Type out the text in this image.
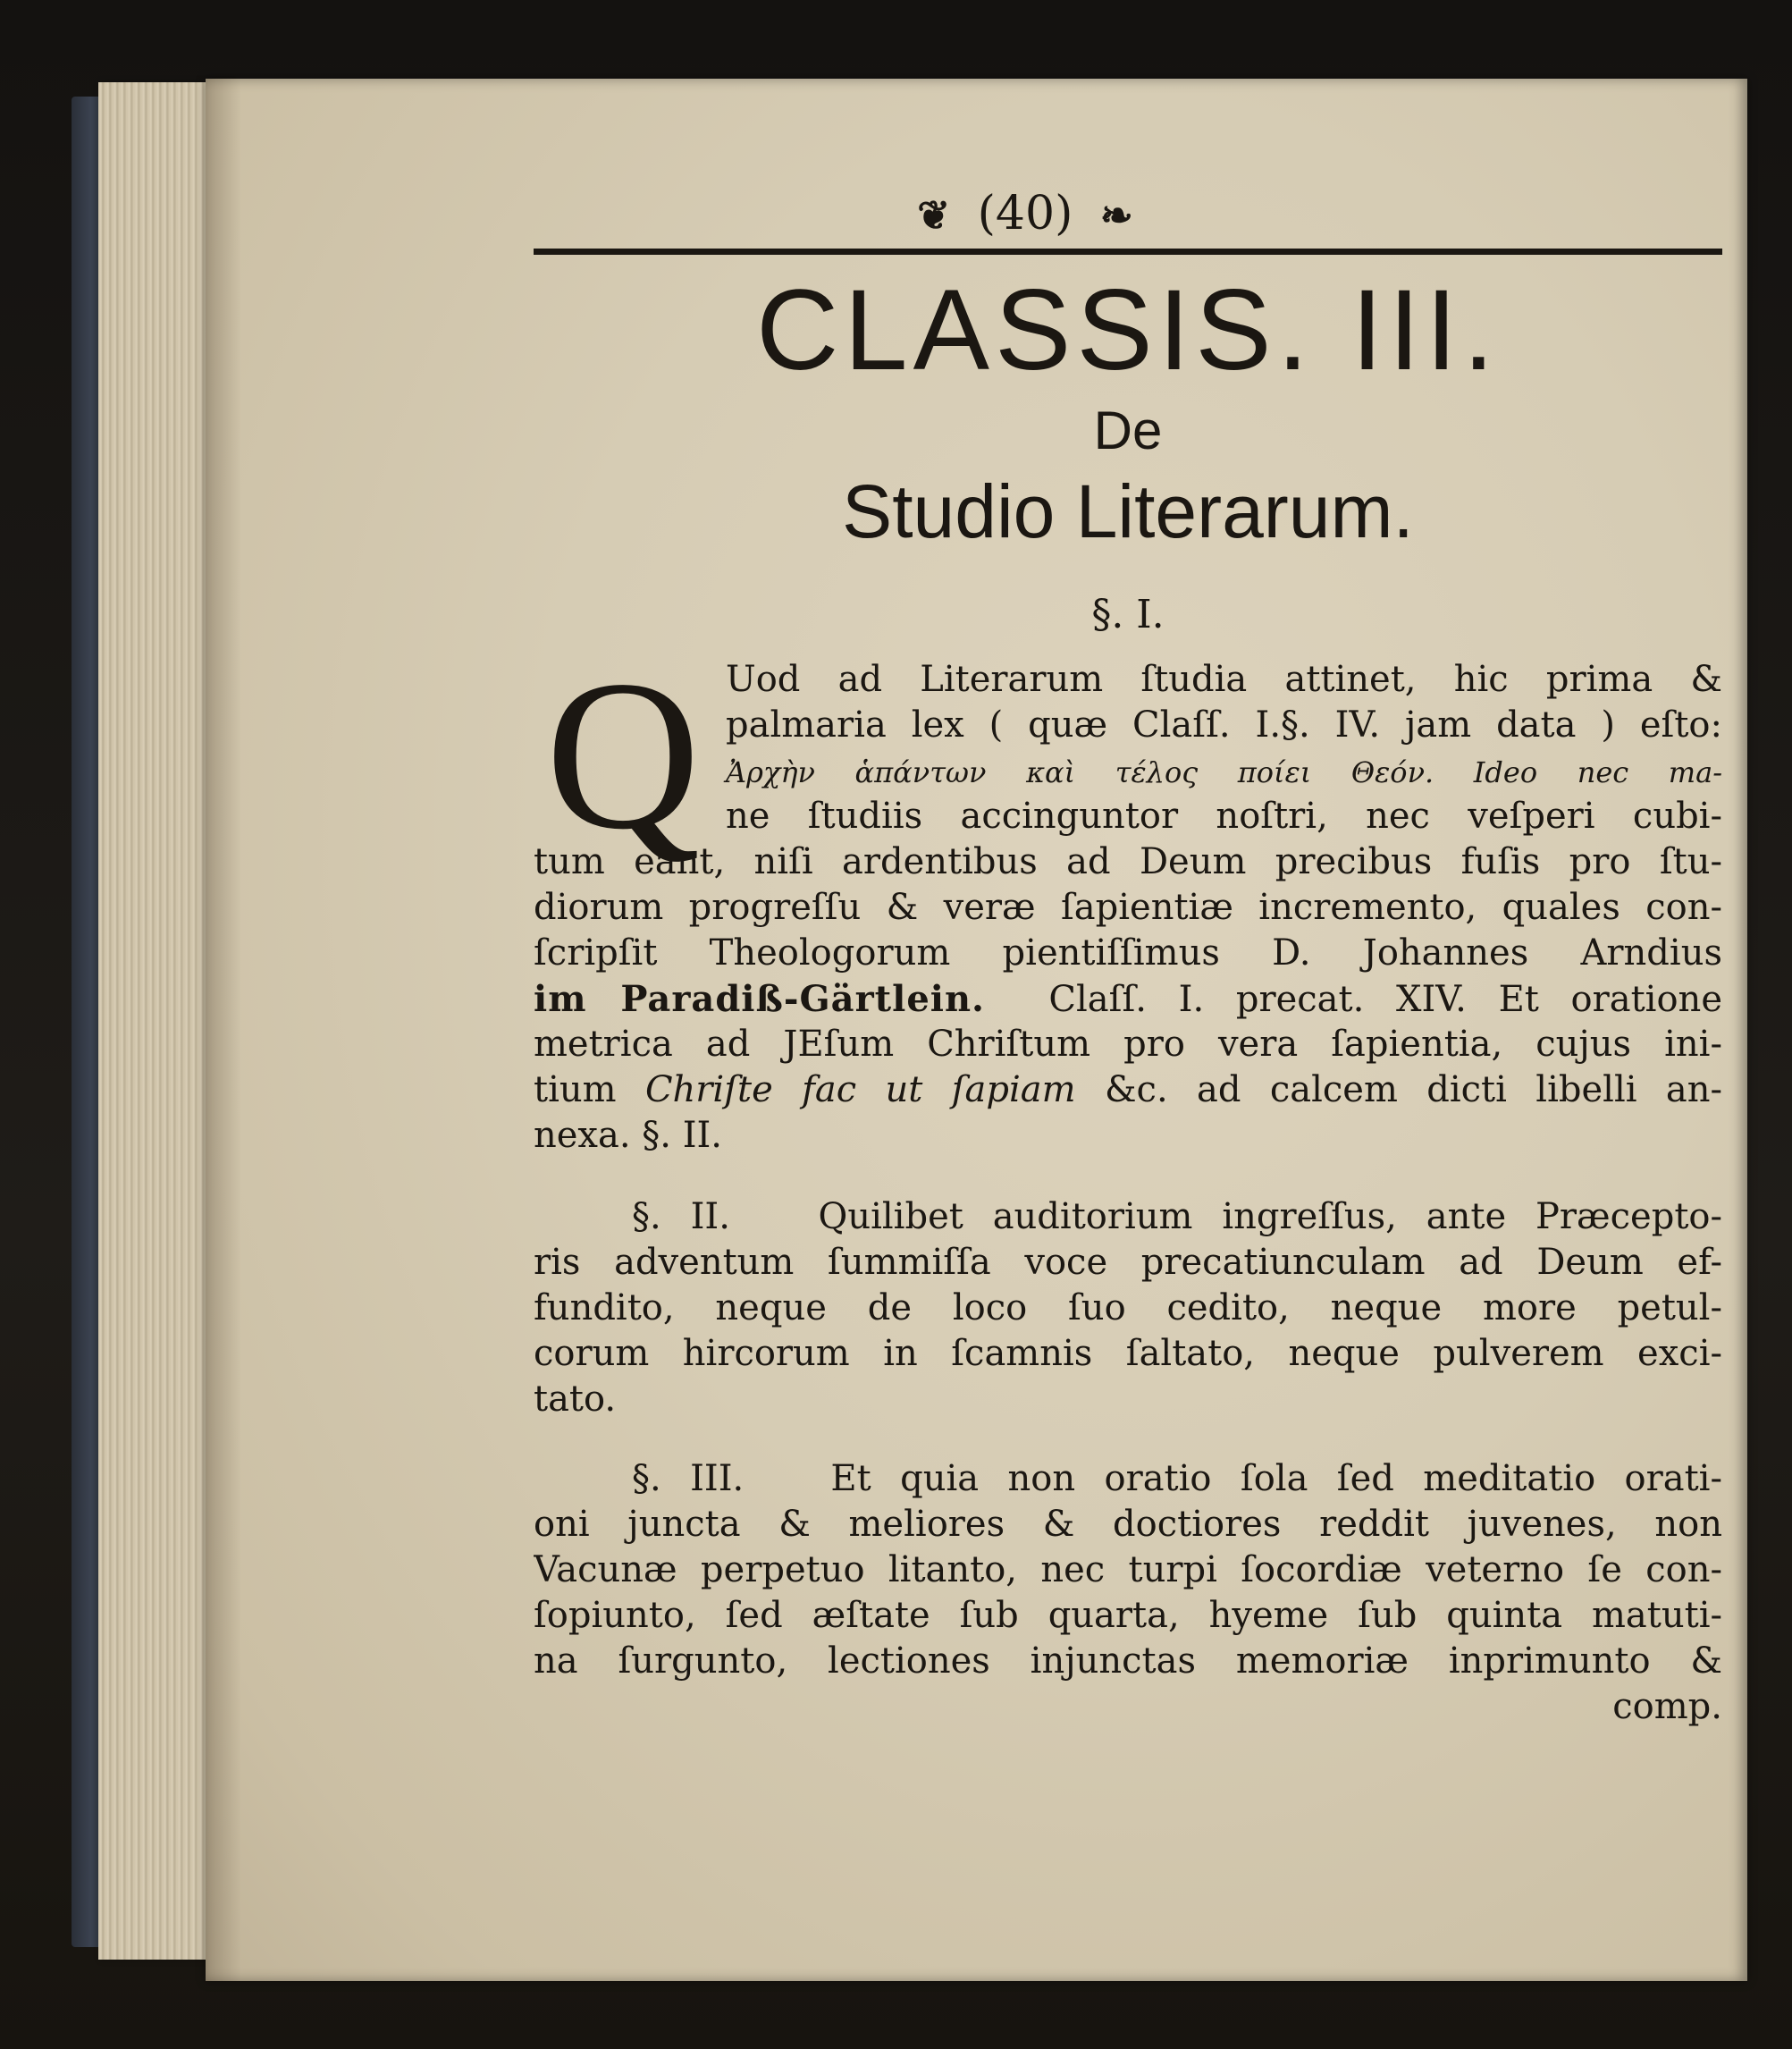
❦ (40) ❧
CLASSIS. III.
De
Studio Literarum.
§. I.
Q Uod ad Literarum ſtudia attinet, hic prima &
palmaria lex ( quæ Claſſ. I.§. IV. jam data ) eſto:
Ἀρχὴν ἁπάντων καὶ τέλος ποίει Θεόν. Ideo nec ma-
ne ſtudiis accinguntor noſtri, nec veſperi cubi-
tum eant, niſi ardentibus ad Deum precibus fuſis pro ſtu-
diorum progreſſu & veræ ſapientiæ incremento, quales con-
ſcripſit Theologorum pientiſſimus D. Johannes Arndius
im Paradiß-Gärtlein. Claſſ. I. precat. XIV. Et oratione
metrica ad JEſum Chriſtum pro vera ſapientia, cujus ini-
tium Chriſte fac ut ſapiam &c. ad calcem dicti libelli an-
nexa. §. II.
§. II. Quilibet auditorium ingreſſus, ante Præcepto-
ris adventum ſummiſſa voce precatiunculam ad Deum ef-
fundito, neque de loco ſuo cedito, neque more petul-
corum hircorum in ſcamnis ſaltato, neque pulverem exci-
tato.
§. III. Et quia non oratio ſola ſed meditatio orati-
oni juncta & meliores & doctiores reddit juvenes, non
Vacunæ perpetuo litanto, nec turpi ſocordiæ veterno ſe con-
ſopiunto, ſed æſtate ſub quarta, hyeme ſub quinta matuti-
na ſurgunto, lectiones injunctas memoriæ inprimunto &
comp.
